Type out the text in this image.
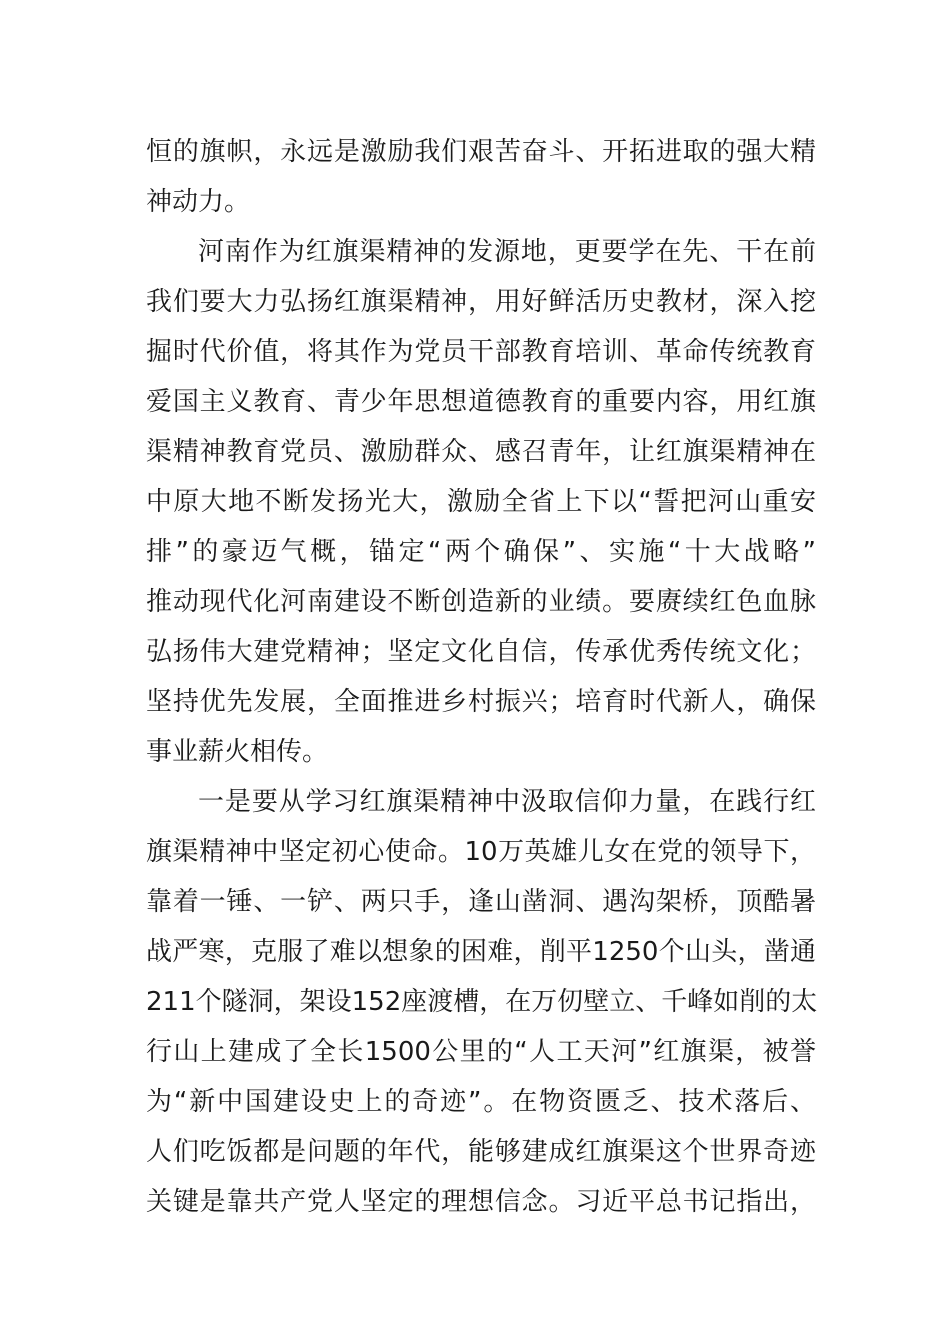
恒的旗帜，永远是激励我们艰苦奋斗、开拓进取的强大精
神动力。
河南作为红旗渠精神的发源地，更要学在先、干在前
我们要大力弘扬红旗渠精神，用好鲜活历史教材，深入挖
掘时代价值，将其作为党员干部教育培训、革命传统教育
爱国主义教育、青少年思想道德教育的重要内容，用红旗
渠精神教育党员、激励群众、感召青年，让红旗渠精神在
中原大地不断发扬光大，激励全省上下以“誓把河山重安
排”的豪迈气概，锚定“两个确保”、实施“十大战略”
推动现代化河南建设不断创造新的业绩。要赓续红色血脉
弘扬伟大建党精神；坚定文化自信，传承优秀传统文化；
坚持优先发展，全面推进乡村振兴；培育时代新人，确保
事业薪火相传。
一是要从学习红旗渠精神中汲取信仰力量，在践行红
旗渠精神中坚定初心使命。10万英雄儿女在党的领导下，
靠着一锤、一铲、两只手，逢山凿洞、遇沟架桥，顶酷暑
战严寒，克服了难以想象的困难，削平1250个山头，凿通
211个隧洞，架设152座渡槽，在万仞壁立、千峰如削的太
行山上建成了全长1500公里的“人工天河”红旗渠，被誉
为“新中国建设史上的奇迹”。在物资匮乏、技术落后、
人们吃饭都是问题的年代，能够建成红旗渠这个世界奇迹
关键是靠共产党人坚定的理想信念。习近平总书记指出，
